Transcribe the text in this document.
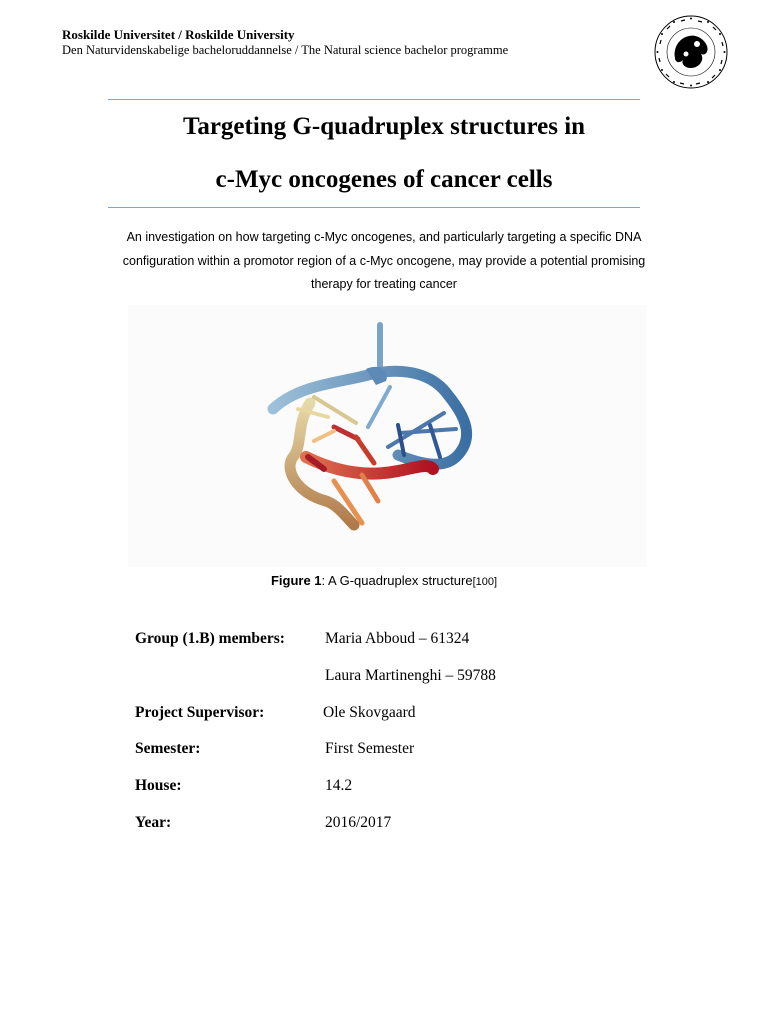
Roskilde Universitet / Roskilde University
Den Naturvidenskabelige bacheloruddannelse / The Natural science bachelor programme
Targeting G-quadruplex structures in
c-Myc oncogenes of cancer cells
An investigation on how targeting c-Myc oncogenes, and particularly targeting a specific DNA
configuration within a promotor region of a c-Myc oncogene, may provide a potential promising
therapy for treating cancer
Figure 1: A G-quadruplex structure[100]
Group (1.B) members:	Maria Abboud – 61324
Laura Martinenghi – 59788
Project Supervisor:	Ole Skovgaard
Semester:	First Semester
House:	14.2
Year:	2016/2017
